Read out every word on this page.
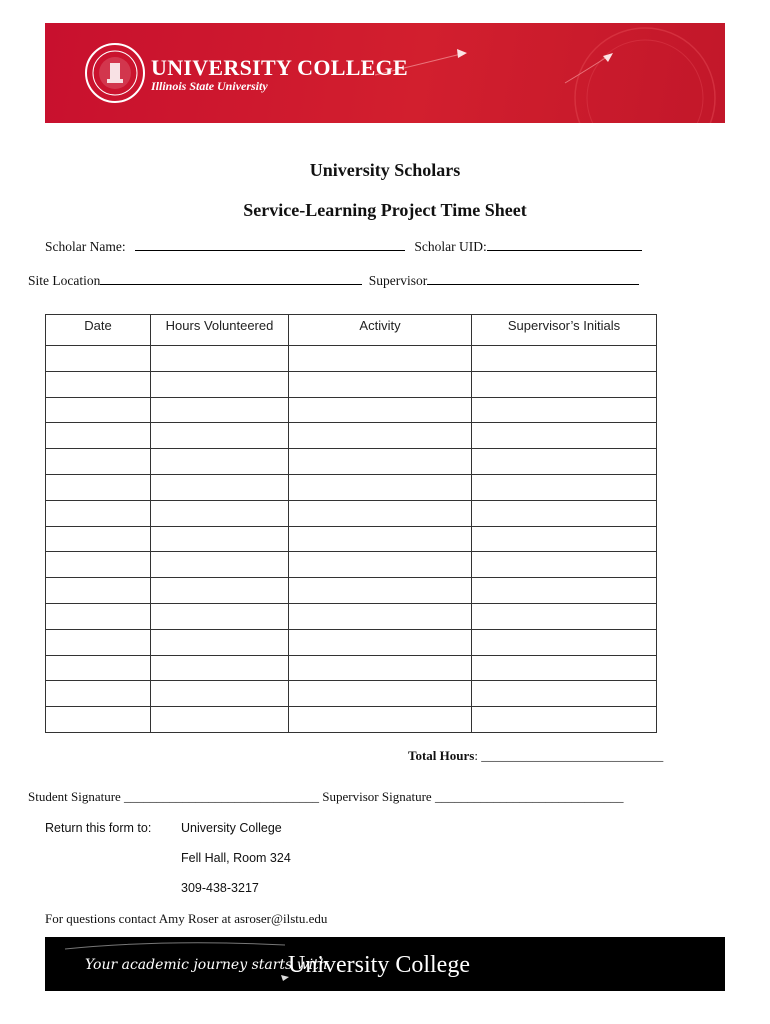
UNIVERSITY COLLEGE
Illinois State University
University Scholars
Service-Learning Project Time Sheet
Scholar Name:	Scholar UID:
Site Location	Supervisor
Date	Hours Volunteered	Activity	Supervisor’s Initials

Total Hours: ____________________________
Student Signature ______________________________ Supervisor Signature _____________________________
Return this form to: University College
Fell Hall, Room 324
309-438-3217
For questions contact Amy Roser at asroser@ilstu.edu
Your academic journey starts with
University College
